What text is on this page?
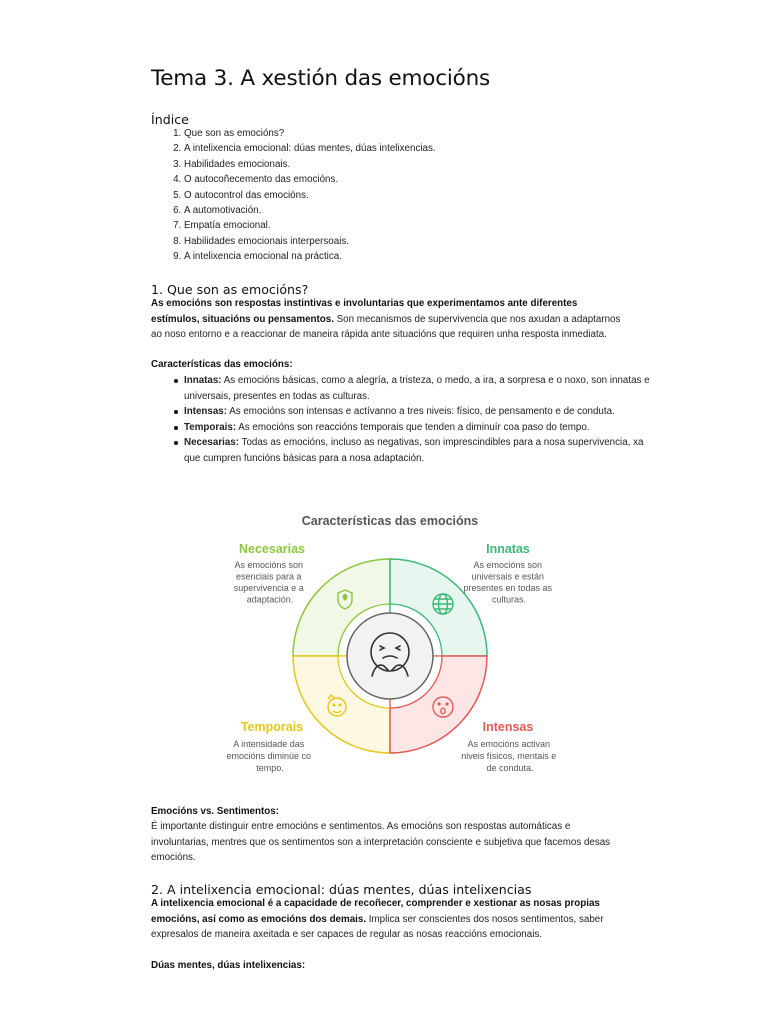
Tema 3. A xestión das emocións
Índice
1. Que son as emocións?
2. A intelixencia emocional: dúas mentes, dúas intelixencias.
3. Habilidades emocionais.
4. O autocoñecemento das emocións.
5. O autocontrol das emocións.
6. A automotivación.
7. Empatía emocional.
8. Habilidades emocionais interpersoais.
9. A intelixencia emocional na práctica.
1. Que son as emocións?

As emocións son respostas instintivas e involuntarias que experimentamos ante diferentes estímulos, situacións ou pensamentos. Son mecanismos de supervivencia que nos axudan a adaptarnos ao noso entorno e a reaccionar de maneira rápida ante situacións que requiren unha resposta inmediata.

Características das emocións:

Innatas: As emocións básicas, como a alegría, a tristeza, o medo, a ira, a sorpresa e o noxo, son innatas e universais, presentes en todas as culturas.
Intensas: As emocións son intensas e actívanno a tres niveis: físico, de pensamento e de conduta.
Temporais: As emocións son reaccións temporais que tenden a diminuír coa paso do tempo.
Necesarias: Todas as emocións, incluso as negativas, son imprescindibles para a nosa supervivencia, xa que cumpren funcións básicas para a nosa adaptación.
Características das emocións
Necesarias	Innatas
Temporais	Intensas
As emocións son esenciais para a supervivencia e a adaptación.
As emocións son universais e están presentes en todas as culturas.
A intensidade das emocións diminúe co tempo.
As emocións activan niveis físicos, mentais e de conduta.

Emocións vs. Sentimentos:

É importante distinguir entre emocións e sentimentos. As emocións son respostas automáticas e involuntarias, mentres que os sentimentos son a interpretación consciente e subjetiva que facemos desas emocións.

2. A intelixencia emocional: dúas mentes, dúas intelixencias

A intelixencia emocional é a capacidade de recoñecer, comprender e xestionar as nosas propias emocións, así como as emocións dos demais. Implica ser conscientes dos nosos sentimentos, saber expresalos de maneira axeitada e ser capaces de regular as nosas reaccións emocionais.

Dúas mentes, dúas intelixencias:
